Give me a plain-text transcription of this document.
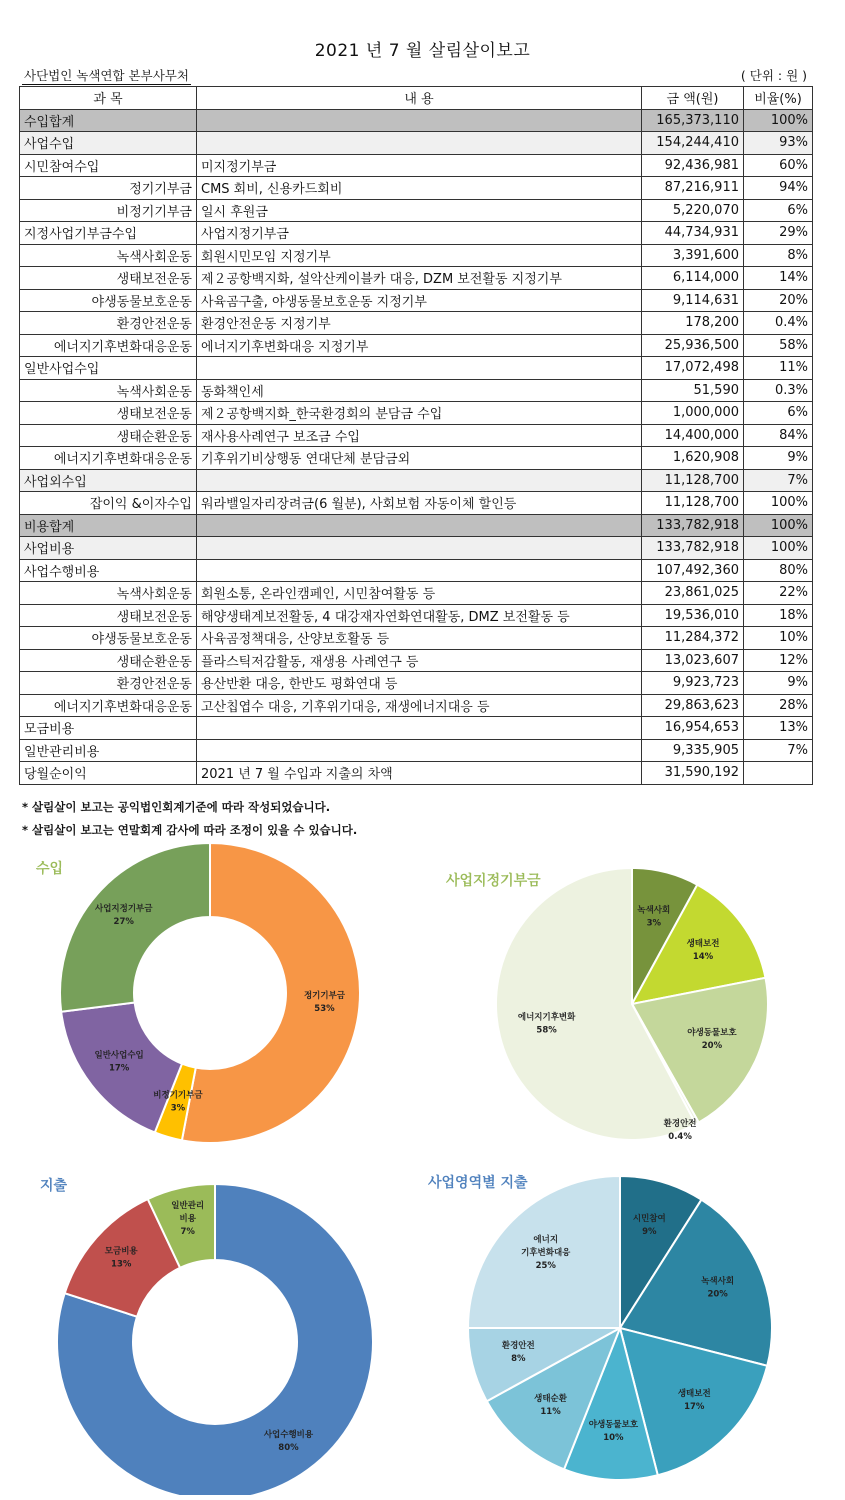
2021 년 7 월 살림살이보고
사단법인 녹색연합 본부사무처	( 단위 : 원 )
과 목	내 용	금 액(원)	비율(%)
수입합계		165,373,110	100%
사업수입		154,244,410	93%
시민참여수입	미지정기부금	92,436,981	60%
정기기부금	CMS 회비, 신용카드회비	87,216,911	94%
비정기기부금	일시 후원금	5,220,070	6%
지정사업기부금수입	사업지정기부금	44,734,931	29%
녹색사회운동	회원시민모임 지정기부	3,391,600	8%
생태보전운동	제２공항백지화, 설악산케이블카 대응, DZM 보전활동 지정기부	6,114,000	14%
야생동물보호운동	사육곰구출, 야생동물보호운동 지정기부	9,114,631	20%
환경안전운동	환경안전운동 지정기부	178,200	0.4%
에너지기후변화대응운동	에너지기후변화대응 지정기부	25,936,500	58%
일반사업수입		17,072,498	11%
녹색사회운동	동화책인세	51,590	0.3%
생태보전운동	제２공항백지화_한국환경회의 분담금 수입	1,000,000	6%
생태순환운동	재사용사례연구 보조금 수입	14,400,000	84%
에너지기후변화대응운동	기후위기비상행동 연대단체 분담금외	1,620,908	9%
사업외수입		11,128,700	7%
잡이익 &이자수입	워라밸일자리장려금(6 월분), 사회보험 자동이체 할인등	11,128,700	100%
비용합계		133,782,918	100%
사업비용		133,782,918	100%
사업수행비용		107,492,360	80%
녹색사회운동	회원소통, 온라인캠페인, 시민참여활동 등	23,861,025	22%
생태보전운동	해양생태계보전활동, 4 대강재자연화연대활동, DMZ 보전활동 등	19,536,010	18%
야생동물보호운동	사육곰정책대응, 산양보호활동 등	11,284,372	10%
생태순환운동	플라스틱저감활동, 재생용 사례연구 등	13,023,607	12%
환경안전운동	용산반환 대응, 한반도 평화연대 등	9,923,723	9%
에너지기후변화대응운동	고산칩엽수 대응, 기후위기대응, 재생에너지대응 등	29,863,623	28%
모금비용		16,954,653	13%
일반관리비용		9,335,905	7%
당월순이익	2021 년 7 월 수입과 지출의 차액	31,590,192	
* 살림살이 보고는 공익법인회계기준에 따라 작성되었습니다.
* 살림살이 보고는 연말회계 감사에 따라 조정이 있을 수 있습니다.
수입
사업지정기부금
지출	사업영역별 지출
정기기부금 53%
비정기기부금 3%
일반사업수입 17%
사업지정기부금 27%
녹색사회 3%
생태보전 14%
야생동물보호 20%
환경안전 0.4%
에너지기후변화 58%
사업수행비용 80%
모금비용 13%
일반관리 비용 7%
시민참여 9%
녹색사회 20%
생태보전 17%
야생동물보호 10%
생태순환 11%
환경안전 8%
에너지 기후변화대응 25%
